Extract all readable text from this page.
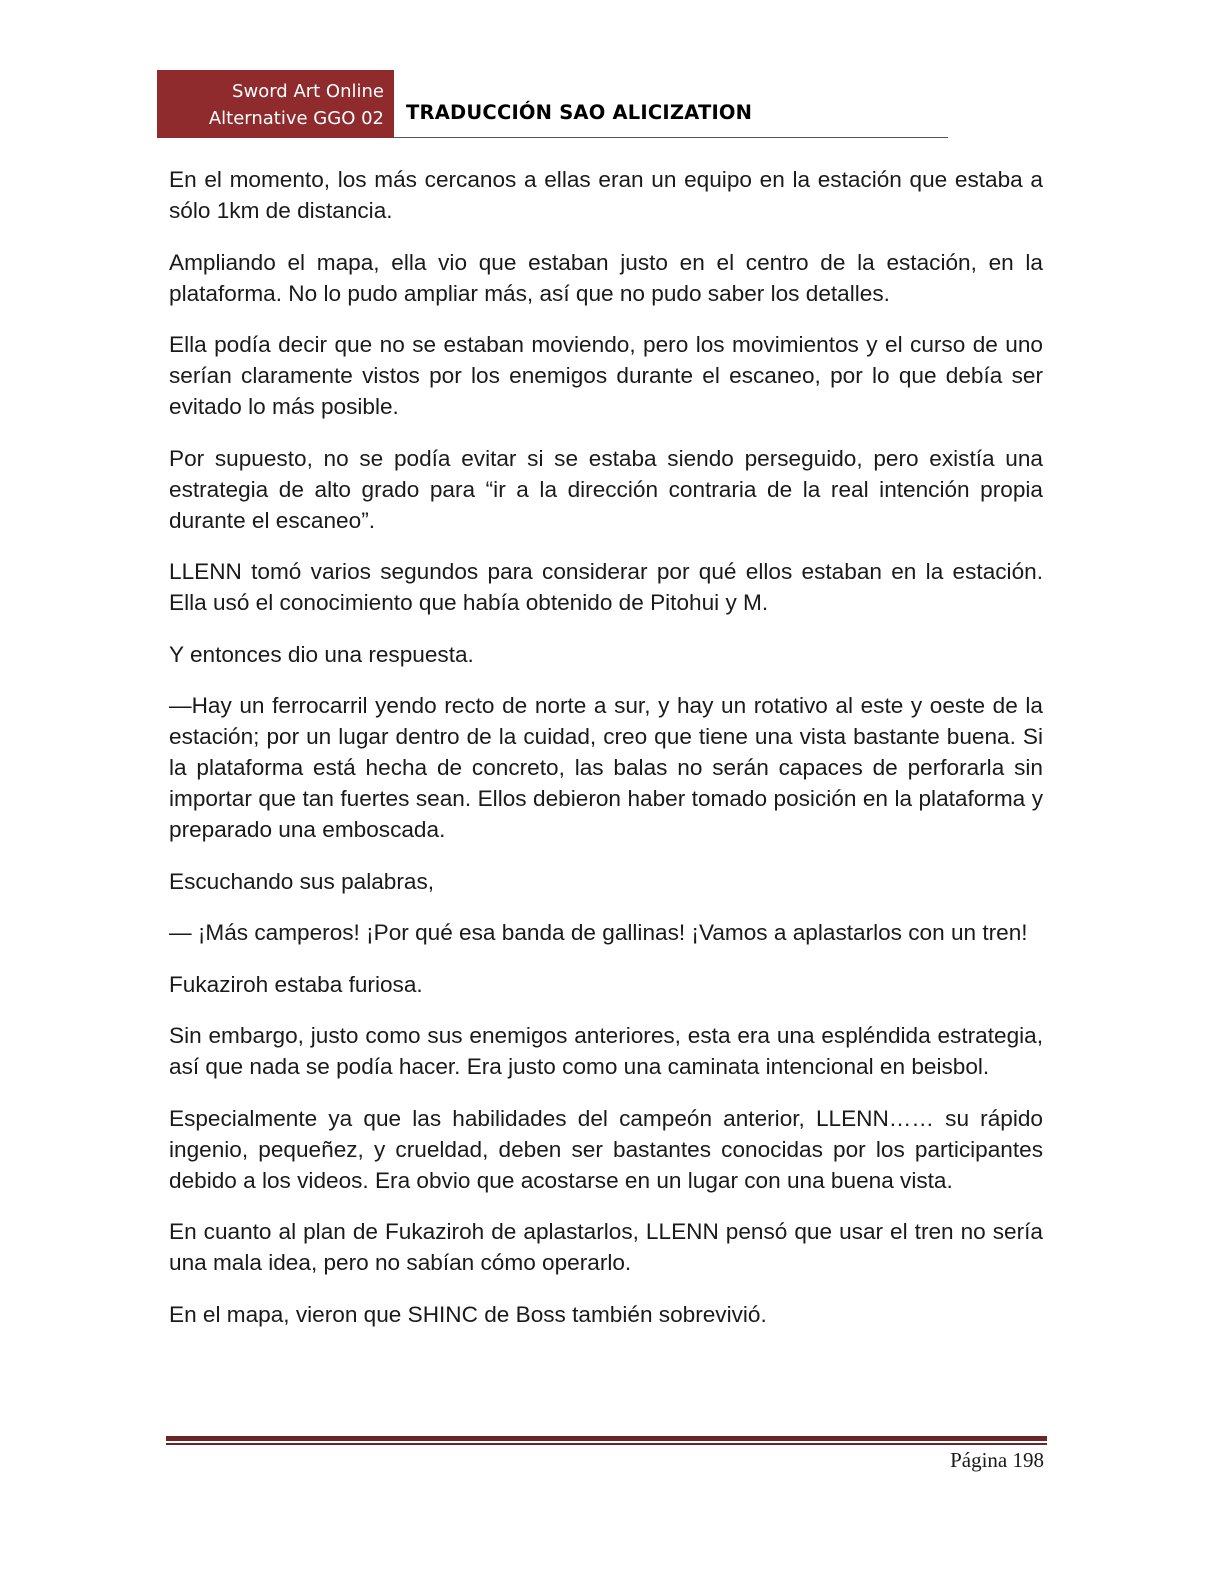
Sword Art Online
Alternative GGO 02 TRADUCCIÓN SAO ALICIZATION

En el momento, los más cercanos a ellas eran un equipo en la estación que estaba a sólo 1km de distancia.

Ampliando el mapa, ella vio que estaban justo en el centro de la estación, en la plataforma. No lo pudo ampliar más, así que no pudo saber los detalles.

Ella podía decir que no se estaban moviendo, pero los movimientos y el curso de uno serían claramente vistos por los enemigos durante el escaneo, por lo que debía ser evitado lo más posible.

Por supuesto, no se podía evitar si se estaba siendo perseguido, pero existía una estrategia de alto grado para “ir a la dirección contraria de la real intención propia durante el escaneo”.

LLENN tomó varios segundos para considerar por qué ellos estaban en la estación. Ella usó el conocimiento que había obtenido de Pitohui y M.

Y entonces dio una respuesta.

—Hay un ferrocarril yendo recto de norte a sur, y hay un rotativo al este y oeste de la estación; por un lugar dentro de la cuidad, creo que tiene una vista bastante buena. Si la plataforma está hecha de concreto, las balas no serán capaces de perforarla sin importar que tan fuertes sean. Ellos debieron haber tomado posición en la plataforma y preparado una emboscada.

Escuchando sus palabras,

— ¡Más camperos! ¡Por qué esa banda de gallinas! ¡Vamos a aplastarlos con un tren!

Fukaziroh estaba furiosa.

Sin embargo, justo como sus enemigos anteriores, esta era una espléndida estrategia, así que nada se podía hacer. Era justo como una caminata intencional en beisbol.

Especialmente ya que las habilidades del campeón anterior, LLENN…… su rápido ingenio, pequeñez, y crueldad, deben ser bastantes conocidas por los participantes debido a los videos. Era obvio que acostarse en un lugar con una buena vista.

En cuanto al plan de Fukaziroh de aplastarlos, LLENN pensó que usar el tren no sería una mala idea, pero no sabían cómo operarlo.

En el mapa, vieron que SHINC de Boss también sobrevivió.

Página 198
